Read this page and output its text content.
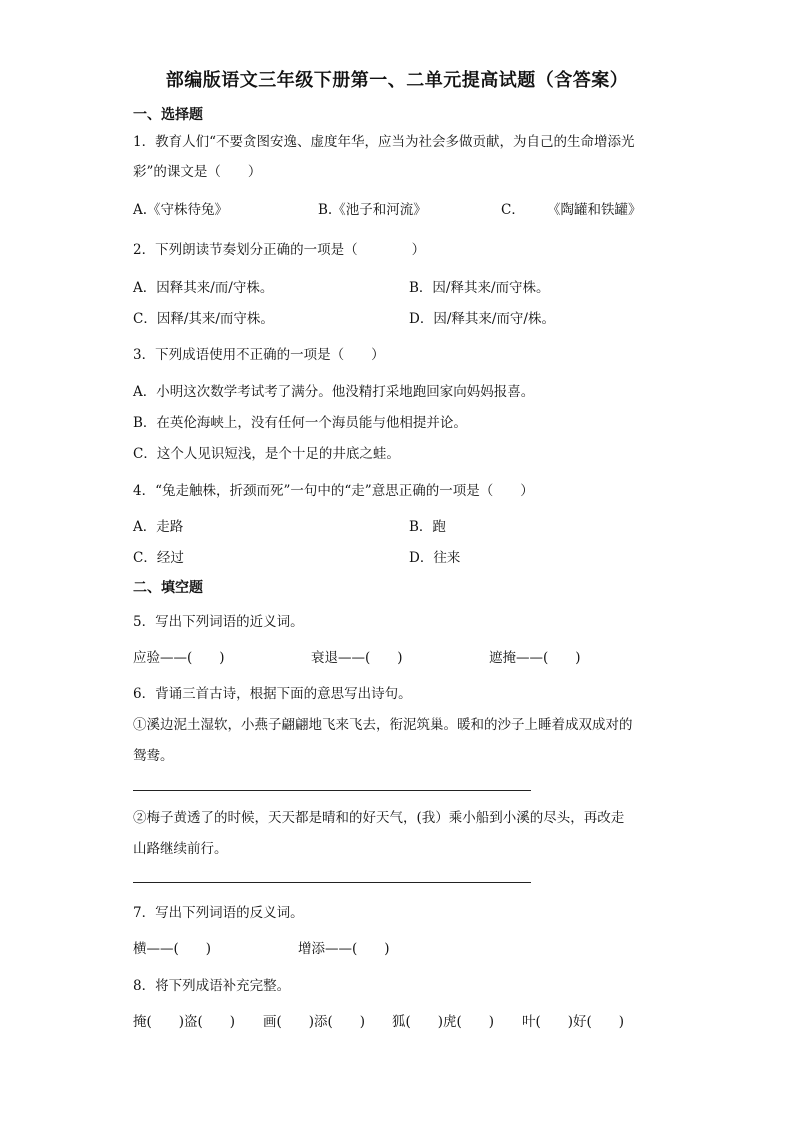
部编版语文三年级下册第一、二单元提高试题（含答案）
一、选择题
1．教育人们“不要贪图安逸、虚度年华，应当为社会多做贡献，为自己的生命增添光
彩”的课文是（　　）
A.《守株待兔》	B.《池子和河流》	C． 《陶罐和铁罐》
2．下列朗读节奏划分正确的一项是（　　　　）
A．因释其来/而/守株。	B．因/释其来/而守株。
C．因释/其来/而守株。	D．因/释其来/而守/株。
3．下列成语使用不正确的一项是（　　）
A．小明这次数学考试考了满分。他没精打采地跑回家向妈妈报喜。
B．在英伦海峡上，没有任何一个海员能与他相提并论。
C．这个人见识短浅，是个十足的井底之蛙。
4．“兔走触株，折颈而死”一句中的“走”意思正确的一项是（　　）
A．走路	B．跑
C．经过	D．往来
二、填空题
5．写出下列词语的近义词。
应验——(　　)	衰退——(　　)	遮掩——(　　)
6．背诵三首古诗，根据下面的意思写出诗句。
①溪边泥土湿软，小燕子翩翩地飞来飞去，衔泥筑巢。暖和的沙子上睡着成双成对的
鸳鸯。
②梅子黄透了的时候，天天都是晴和的好天气，(我）乘小船到小溪的尽头，再改走
山路继续前行。
7．写出下列词语的反义词。
横——(　　)	增添——(　　)
8．将下列成语补充完整。
掩(　　)盗(　　) 画(　　)添(　　) 狐(　　)虎(　　) 叶(　　)好(　　)
